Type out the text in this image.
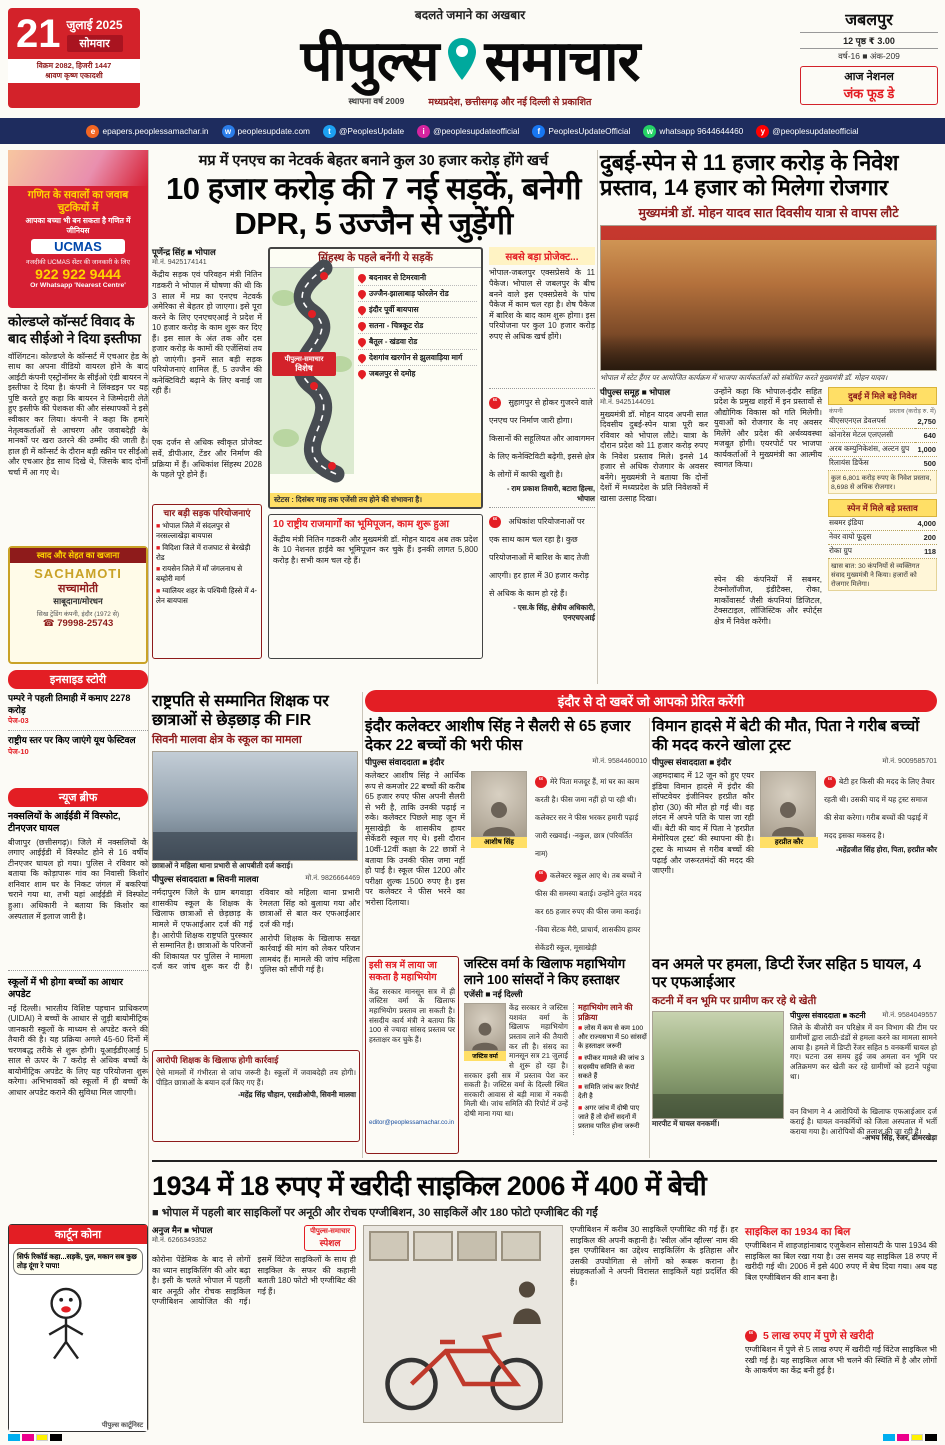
21 जुलाई 2025
सोमवार
विक्रम 2082, हिजरी 1447
श्रावण कृष्ण एकादशी
बदलते जमाने का अखबार
पीपुल्स समाचार
स्थापना वर्ष 2009	मध्यप्रदेश, छत्तीसगढ़ और नई दिल्ली से प्रकाशित
जबलपुर
12 पृष्ठ ₹ 3.00
वर्ष-16 ■ अंक-209
आज नेशनल
जंक फूड डे
e epapers.peoplessamachar.in	w peoplesupdate.com	t @PeoplesUpdate	i	@peoplesupdateofficial	f PeoplesUpdateOfficial	w whatsapp 9644644460	y @peoplesupdateofficial
गणित के सवालों का जवाब चुटकियों में
आपका बच्चा भी बन सकता है गणित में जीनियस
UCMAS
नजदीकी UCMAS सेंटर की जानकारी के लिए
922 922 9444
Or Whatsapp 'Nearest Centre'
कोल्डप्ले कॉन्सर्ट विवाद के बाद सीईओ ने दिया इस्तीफा
वॉशिंगटन। कोल्डप्ले के कॉन्सर्ट में एचआर हेड के साथ का अपना वीडियो वायरल होने के बाद आईटी कंपनी एस्ट्रोनॉमर के सीईओ एंडी बायरन ने इस्तीफा दे दिया है। कंपनी ने लिंक्डइन पर यह पुष्टि करते हुए कहा कि बायरन ने जिम्मेदारी लेते हुए इस्तीफे की पेशकश की और संस्थापकों ने इसे स्वीकार कर लिया। कंपनी ने कहा कि हमारे नेतृत्वकर्ताओं से आचरण और जवाबदेही के मानकों पर खरा उतरने की उम्मीद की जाती है। हाल ही में कॉन्सर्ट के दौरान बड़ी स्क्रीन पर सीईओ और एचआर हेड साथ दिखे थे, जिसके बाद दोनों चर्चा में आ गए थे।
स्वाद और सेहत का खजाना
SACHAMOTI
सच्चामोती
साबूदाना/मोरधन
सिख ट्रेडिंग कंपनी, इंदौर (1972 से)
☎ 79998-25743
इनसाइड स्टोरी
पम्परे ने पहली तिमाही में कमाए 2278 करोड़
पेज-03
राष्ट्रीय स्तर पर किए जाएंगे यूथ फेस्टिवल
पेज-10
न्यूज ब्रीफ
नक्सलियों के आईईडी में विस्फोट, टीनएजर घायल
बीजापुर (छत्तीसगढ़)। जिले में नक्सलियों के लगाए आईईडी में विस्फोट होने से 16 वर्षीय टीनएजर घायल हो गया। पुलिस ने रविवार को बताया कि कोड़ापारू गांव का निवासी किशोर शनिवार शाम घर के निकट जंगल में बकरियां चराने गया था, तभी यहां आईईडी में विस्फोट हुआ। अधिकारी ने बताया कि किशोर का अस्पताल में इलाज जारी है।
स्कूलों में भी होगा बच्चों का आधार अपडेट
नई दिल्ली। भारतीय विशिष्ट पहचान प्राधिकरण (UIDAI) ने बच्चों के आधार से जुड़ी बायोमीट्रिक जानकारी स्कूलों के माध्यम से अपडेट करने की तैयारी की है। यह प्रक्रिया अगले 45-60 दिनों में चरणबद्ध तरीके से शुरू होगी। यूआईडीएआई 5 साल से ऊपर के 7 करोड़ से अधिक बच्चों के बायोमीट्रिक अपडेट के लिए यह परियोजना शुरू करेगा। अभिभावकों को स्कूलों में ही बच्चों के आधार अपडेट कराने की सुविधा मिल जाएगी।
कार्टून कोना
सिर्फ रिकॉर्ड कहा...सड़कें, पुल, मकान सब कुछ तोड़ दूंगा रे पापा!
पीपुल्स कार्टूनिस्ट
मप्र में एनएच का नेटवर्क बेहतर बनाने कुल 30 हजार करोड़ होंगे खर्च
10 हजार करोड़ की 7 नई सड़कें, बनेगी DPR, 5 उज्जैन से जुड़ेंगी
पूर्णेन्द्र सिंह ■ भोपाल
मो.नं. 9425174141
केंद्रीय सड़क एवं परिवहन मंत्री नितिन गडकरी ने भोपाल में घोषणा की थी कि 3 साल में मप्र का एनएच नेटवर्क अमेरिका से बेहतर हो जाएगा। इसे पूरा करने के लिए एनएचएआई ने प्रदेश में 10 हजार करोड़ के काम शुरू कर दिए हैं। इस साल के अंत तक और दस हजार करोड़ के कामों की एजेंसियां तय हो जाएंगी। इनमें सात बड़ी सड़क परियोजनाएं शामिल हैं, 5 उज्जैन की कनेक्टिविटी बढ़ाने के लिए बनाई जा रही हैं।
एक दर्जन से अधिक स्वीकृत प्रोजेक्ट सर्वे, डीपीआर, टेंडर और निर्माण की प्रक्रिया में हैं। अधिकांश सिंहस्थ 2028 के पहले पूरे होने हैं।
चार बड़ी सड़क परियोजनाएं
■ भोपाल जिले में संदलपुर से नरसल्लाखेड़ा बायपास
■ विदिशा जिले में राजघाट से बेरखेड़ी रोड
■ रायसेन जिले में माँ जंगलनाथ से बम्होरी मार्ग
■ ग्वालियर शहर के पश्चिमी हिस्से में 4-लेन बायपास
सिंहस्थ के पहले बनेंगी ये सड़कें
पीपुल्स-समाचार
विशेष
बदनावर से टिमरवानी
उज्जैन-झालाबाड़ फोरलेन रोड
इंदौर पूर्वी बायपास
सतना - चित्रकूट रोड
बैतूल - खंडवा रोड
देशगांव खरगोन से झुलवाड़िया मार्ग
जबलपुर से दमोह
स्टेटस : दिसंबर माह तक एजेंसी तय होने की संभावना है।
10 राष्ट्रीय राजमार्गों का भूमिपूजन, काम शुरू हुआ
केंद्रीय मंत्री नितिन गडकरी और मुख्यमंत्री डॉ. मोहन यादव अब तक प्रदेश के 10 नेशनल हाईवे का भूमिपूजन कर चुके हैं। इनकी लागत 5,800 करोड़ है। सभी काम चल रहे हैं।
सबसे बड़ा प्रोजेक्ट...
भोपाल-जबलपुर एक्सप्रेसवे के 11 पैकेज। भोपाल से जबलपुर के बीच बनने वाले इस एक्सप्रेसवे के पांच पैकेज में काम चल रहा है। शेष पैकेज में बारिश के बाद काम शुरू होगा। इस परियोजना पर कुल 10 हजार करोड़ रुपए से अधिक खर्च होंगे।
“ सुहागपुर से होकर गुजरने वाले एनएच पर निर्माण जारी होगा। किसानों की सहूलियत और आवागमन के लिए कनेक्टिविटी बढ़ेगी, इससे क्षेत्र के लोगों में काफी खुशी है।
- राम प्रकाश तिवारी, बटारा हिल्स, भोपाल
“ अधिकांश परियोजनाओं पर एक साथ काम चल रहा है। कुछ परियोजनाओं में बारिश के बाद तेजी आएगी। हर हाल में 30 हजार करोड़ से अधिक के काम हो रहे हैं।
- एस.के सिंह, क्षेत्रीय अधिकारी, एनएचएआई
दुबई-स्पेन से 11 हजार करोड़ के निवेश प्रस्ताव, 14 हजार को मिलेगा रोजगार
मुख्यमंत्री डॉ. मोहन यादव सात दिवसीय यात्रा से वापस लौटे
भोपाल में स्टेट हैंगर पर आयोजित कार्यक्रम में भाजपा कार्यकर्ताओं को संबोधित करते मुख्यमंत्री डॉ. मोहन यादव।
पीपुल्स समूह ■ भोपाल
मो.नं. 9425144091
मुख्यमंत्री डॉ. मोहन यादव अपनी सात दिवसीय दुबई-स्पेन यात्रा पूरी कर रविवार को भोपाल लौटे। यात्रा के दौरान प्रदेश को 11 हजार करोड़ रुपए के निवेश प्रस्ताव मिले। इनसे 14 हजार से अधिक रोजगार के अवसर बनेंगे। मुख्यमंत्री ने बताया कि दोनों देशों में मध्यप्रदेश के प्रति निवेशकों में खासा उत्साह दिखा।
उन्होंने कहा कि भोपाल-इंदौर सहित प्रदेश के प्रमुख शहरों में इन प्रस्तावों से औद्योगिक विकास को गति मिलेगी। युवाओं को रोजगार के नए अवसर मिलेंगे और प्रदेश की अर्थव्यवस्था मजबूत होगी। एयरपोर्ट पर भाजपा कार्यकर्ताओं ने मुख्यमंत्री का आत्मीय स्वागत किया।
स्पेन की कंपनियों में सबमर, टेक्नोलॉजीज, इंडीटैक्स, रोका, मार्कोवासर्ट जैसी कंपनियां डिजिटल, टेक्सटाइल, लॉजिस्टिक और स्पोर्ट्स क्षेत्र में निवेश करेंगी।
दुबई में मिले बड़े निवेश
कंपनी	प्रस्ताव (करोड़ रु. में)
बीएसएनएल डेवलपर्स	2,750
कोनारेस मेटल एलएलसी	640
अरब कम्युनिकेशंस, अल्टन ग्रुप	1,000
रिलायंस डिफेंस	500
कुल 6,801 करोड़ रुपए के निवेश प्रस्ताव, 8,698 से अधिक रोजगार।
स्पेन में मिले बड़े प्रस्ताव
सबमर इंडिया	4,000
नेवर वायो फूड्स	200
रोका ग्रुप	118
खास बात: 30 कंपनियों से व्यक्तिगत संवाद मुख्यमंत्री ने किया। हजारों को रोजगार मिलेगा।
राष्ट्रपति से सम्मानित शिक्षक पर छात्राओं से छेड़छाड़ की FIR
सिवनी मालवा क्षेत्र के स्कूल का मामला
छात्राओं ने महिला थाना प्रभारी से आपबीती दर्ज कराई।
पीपुल्स संवाददाता ■ सिवनी मालवा	मो.नं. 9826664469
नर्मदापुरम जिले के ग्राम बगवाड़ा शासकीय स्कूल के शिक्षक के खिलाफ छात्राओं से छेड़छाड़ के मामले में एफआईआर दर्ज की गई है। आरोपी शिक्षक राष्ट्रपति पुरस्कार से सम्मानित है। छात्राओं के परिजनों की शिकायत पर पुलिस ने मामला दर्ज कर जांच शुरू कर दी है। रविवार को महिला थाना प्रभारी रेमलता सिंह को बुलाया गया और छात्राओं से बात कर एफआईआर दर्ज की गई।
आरोपी शिक्षक के खिलाफ सख्त कार्रवाई की मांग को लेकर परिजन लामबंद हैं। मामले की जांच महिला पुलिस को सौंपी गई है।
आरोपी शिक्षक के खिलाफ होगी कार्रवाई
ऐसे मामलों में गंभीरता से जांच जरूरी है। स्कूलों में जवाबदेही तय होगी। पीड़ित छात्राओं के बयान दर्ज किए गए हैं।
-महेंद्र सिंह चौहान, एसडीओपी, सिवनी मालवा
इंदौर से दो खबरें जो आपको प्रेरित करेंगी
इंदौर कलेक्टर आशीष सिंह ने सैलरी से 65 हजार देकर 22 बच्चों की भरी फीस
पीपुल्स संवाददाता ■ इंदौर	मो.नं. 9584460010
कलेक्टर आशीष सिंह ने आर्थिक रूप से कमजोर 22 बच्चों की करीब 65 हजार रुपए फीस अपनी सैलरी से भरी है, ताकि उनकी पढ़ाई न रुके। कलेक्टर पिछले माह जून में मूसाखेड़ी के शासकीय हायर सेकेंडरी स्कूल गए थे। इसी दौरान 10वीं-12वीं कक्षा के 22 छात्रों ने बताया कि उनकी फीस जमा नहीं हो पाई है। स्कूल फीस 1200 और परीक्षा शुल्क 1500 रुपए है। इस पर कलेक्टर ने फीस भरने का भरोसा दिलाया।
आशीष सिंह
“ मेरे पिता मजदूर हैं, मां घर का काम करती है। फीस जमा नहीं हो पा रही थी। कलेक्टर सर ने फीस भरकर हमारी पढ़ाई जारी रखवाई। -नकुल, छात्र (परिवर्तित नाम)
“ कलेक्टर स्कूल आए थे। तब बच्चों ने फीस की समस्या बताई। उन्होंने तुरंत मदद कर 65 हजार रुपए की फीस जमा कराई। -विवा सेंटक मैरी, प्राचार्य, शासकीय हायर सेकेंडरी स्कूल, मूसाखेड़ी
विमान हादसे में बेटी की मौत, पिता ने गरीब बच्चों की मदद करने खोला ट्रस्ट
पीपुल्स संवाददाता ■ इंदौर	मो.नं. 9009585701
अहमदाबाद में 12 जून को हुए एयर इंडिया विमान हादसे में इंदौर की सॉफ्टवेयर इंजीनियर हरप्रीत कौर होरा (30) की मौत हो गई थी। वह लंदन में अपने पति के पास जा रही थीं। बेटी की याद में पिता ने 'हरप्रीत मेमोरियल ट्रस्ट' की स्थापना की है। ट्रस्ट के माध्यम से गरीब बच्चों की पढ़ाई और जरूरतमंदों की मदद की जाएगी।
हरप्रीत कौर
“ बेटी हर किसी की मदद के लिए तैयार रहती थी। उसकी याद में यह ट्रस्ट समाज की सेवा करेगा। गरीब बच्चों की पढ़ाई में मदद इसका मकसद है।
-महेंद्रजीत सिंह होरा, पिता, हरप्रीत कौर
इसी सत्र में लाया जा सकता है महाभियोग
केंद्र सरकार मानसून सत्र में ही जस्टिस वर्मा के खिलाफ महाभियोग प्रस्ताव ला सकती है। संसदीय कार्य मंत्री ने बताया कि 100 से ज्यादा सांसद प्रस्ताव पर हस्ताक्षर कर चुके हैं।
editor@peoplessamachar.co.in
जस्टिस वर्मा के खिलाफ महाभियोग लाने 100 सांसदों ने किए हस्ताक्षर
एजेंसी ■ नई दिल्ली
जस्टिस वर्मा
केंद्र सरकार ने जस्टिस यशवंत वर्मा के खिलाफ महाभियोग प्रस्ताव लाने की तैयारी कर ली है। संसद का मानसून सत्र 21 जुलाई से शुरू हो रहा है। सरकार इसी सत्र में प्रस्ताव पेश कर सकती है। जस्टिस वर्मा के दिल्ली स्थित सरकारी आवास से बड़ी मात्रा में नकदी मिली थी। जांच समिति की रिपोर्ट में उन्हें दोषी माना गया था।
महाभियोग लाने की प्रक्रिया
■ लोस में कम से कम 100 और राज्यसभा में 50 सांसदों के हस्ताक्षर जरूरी
■ स्पीकर मामले की जांच 3 सदस्यीय समिति से करा सकते हैं
■ समिति जांच कर रिपोर्ट देती है
■ अगर जांच में दोषी पाए जाते हैं तो दोनों सदनों में प्रस्ताव पारित होना जरूरी
वन अमले पर हमला, डिप्टी रेंजर सहित 5 घायल, 4 पर एफआईआर
कटनी में वन भूमि पर ग्रामीण कर रहे थे खेती
मारपीट में घायल वनकर्मी।
पीपुल्स संवाददाता ■ कटनी मो.नं. 9584049557
जिले के बीजोरी वन परिक्षेत्र में वन विभाग की टीम पर ग्रामीणों द्वारा लाठी-डंडों से हमला करने का मामला सामने आया है। हमले में डिप्टी रेंजर सहित 5 वनकर्मी घायल हो गए। घटना उस समय हुई जब अमला वन भूमि पर अतिक्रमण कर खेती कर रहे ग्रामीणों को हटाने पहुंचा था।
वन विभाग ने 4 आरोपियों के खिलाफ एफआईआर दर्ज कराई है। घायल वनकर्मियों को जिला अस्पताल में भर्ती कराया गया है। आरोपियों की तलाश की जा रही है।
-अभय सिंह, रेंजर, ढीमरखेड़ा
1934 में 18 रुपए में खरीदी साइकिल 2006 में 400 में बेची
■ भोपाल में पहली बार साइकिलों पर अनूठी और रोचक एग्जीबिशन, 30 साइकिलें और 180 फोटो एग्जीबिट की गईं
अनुज मैन ■ भोपाल
मो.नं. 6266349352
पीपुल्स-समाचार
स्पेशल
कोरोना पेंडेमिक के बाद से लोगों का ध्यान साइकिलिंग की ओर बढ़ा है। इसी के चलते भोपाल में पहली बार अनूठी और रोचक साइकिल एग्जीबिशन आयोजित की गई। इसमें विंटेज साइकिलों के साथ ही साइकिल के सफर की कहानी बताती 180 फोटो भी एग्जीबिट की गई हैं।
एग्जीबिशन में करीब 30 साइकिलें एग्जीबिट की गई हैं। हर साइकिल की अपनी कहानी है। 'स्वील ऑन व्हील्स' नाम की इस एग्जीबिशन का उद्देश्य साइकिलिंग के इतिहास और उसकी उपयोगिता से लोगों को रूबरू कराना है। संग्रहकर्ताओं ने अपनी विरासत साइकिलें यहां प्रदर्शित की हैं।
साइकिल का 1934 का बिल
एग्जीबिशन में शाहजहांनाबाद एजुकेशन सोसायटी के पास 1934 की साइकिल का बिल रखा गया है। उस समय यह साइकिल 18 रुपए में खरीदी गई थी। 2006 में इसे 400 रुपए में बेच दिया गया। अब यह बिल एग्जीबिशन की शान बना है।
“ 5 लाख रुपए में पुणे से खरीदी
एग्जीबिशन में पुणे से 5 लाख रुपए में खरीदी गई विंटेज साइकिल भी रखी गई है। यह साइकिल आज भी चलने की स्थिति में है और लोगों के आकर्षण का केंद्र बनी हुई है।
